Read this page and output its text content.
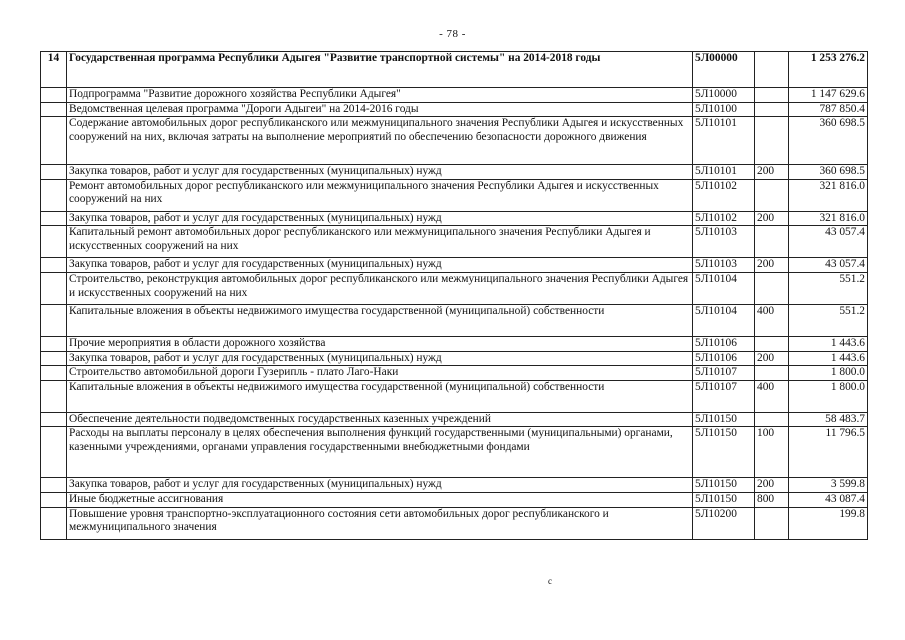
- 78 -
14	Государственная программа Республики Адыгея "Развитие транспортной системы" на 2014-2018 годы	5Л00000		1 253 276.2
	Подпрограмма "Развитие дорожного хозяйства Республики Адыгея"	5Л10000		1 147 629.6
	Ведомственная целевая программа "Дороги Адыгеи" на 2014-2016 годы	5Л10100		787 850.4
	Содержание автомобильных дорог республиканского или межмуниципального значения Республики Адыгея и искусственных сооружений на них, включая затраты на выполнение мероприятий по обеспечению безопасности дорожного движения	5Л10101		360 698.5
	Закупка товаров, работ и услуг для государственных (муниципальных) нужд	5Л10101	200	360 698.5
	Ремонт автомобильных дорог республиканского или межмуниципального значения Республики Адыгея и искусственных сооружений на них	5Л10102		321 816.0
	Закупка товаров, работ и услуг для государственных (муниципальных) нужд	5Л10102	200	321 816.0
	Капитальный ремонт автомобильных дорог республиканского или межмуниципального значения Республики Адыгея и искусственных сооружений на них	5Л10103		43 057.4
	Закупка товаров, работ и услуг для государственных (муниципальных) нужд	5Л10103	200	43 057.4
	Строительство, реконструкция автомобильных дорог республиканского или межмуниципального значения Республики Адыгея и искусственных сооружений на них	5Л10104		551.2
	Капитальные вложения в объекты недвижимого имущества государственной (муниципальной) собственности	5Л10104	400	551.2
	Прочие мероприятия в области дорожного хозяйства	5Л10106		1 443.6
	Закупка товаров, работ и услуг для государственных (муниципальных) нужд	5Л10106	200	1 443.6
	Строительство автомобильной дороги Гузерипль - плато Лаго-Наки	5Л10107		1 800.0
	Капитальные вложения в объекты недвижимого имущества государственной (муниципальной) собственности	5Л10107	400	1 800.0
	Обеспечение деятельности подведомственных государственных казенных учреждений	5Л10150		58 483.7
	Расходы на выплаты персоналу в целях обеспечения выполнения функций государственными (муниципальными) органами, казенными учреждениями, органами управления государственными внебюджетными фондами	5Л10150	100	11 796.5
	Закупка товаров, работ и услуг для государственных (муниципальных) нужд	5Л10150	200	3 599.8
	Иные бюджетные ассигнования	5Л10150	800	43 087.4
	Повышение уровня транспортно-эксплуатационного состояния сети автомобильных дорог республиканского и межмуниципального значения	5Л10200		199.8
c
